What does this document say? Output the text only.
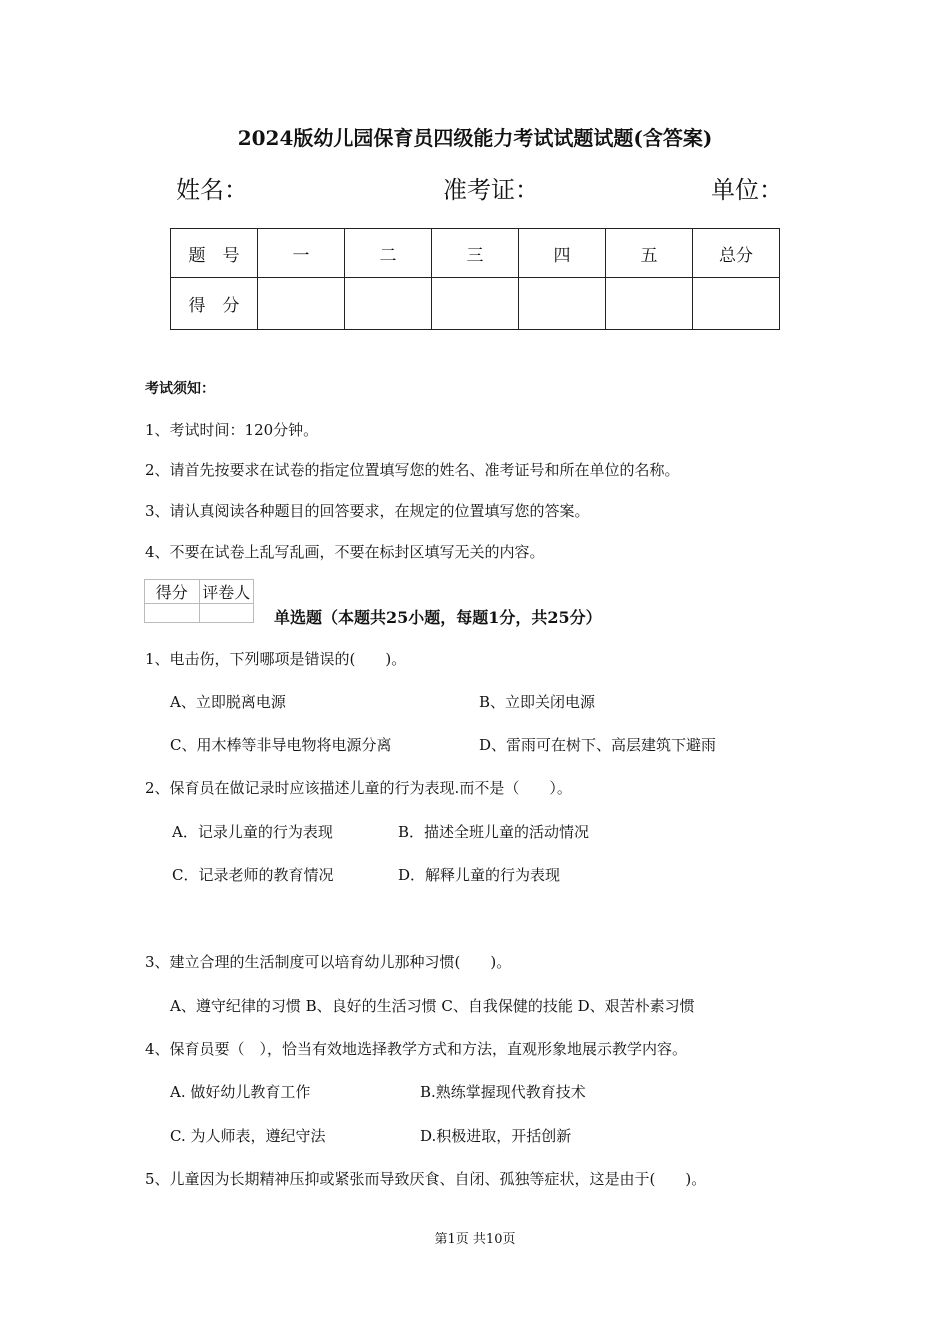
2024版幼儿园保育员四级能力考试试题试题(含答案)
姓名：	准考证：	单位：
题　号	一	二	三	四	五	总分
得　分						
考试须知：
1、考试时间：120分钟。
2、请首先按要求在试卷的指定位置填写您的姓名、准考证号和所在单位的名称。
3、请认真阅读各种题目的回答要求，在规定的位置填写您的答案。
4、不要在试卷上乱写乱画，不要在标封区填写无关的内容。
得分	评卷人

单选题（本题共25小题，每题1分，共25分）
1、电击伤，下列哪项是错误的(　　)。
A、立即脱离电源	B、立即关闭电源
C、用木棒等非导电物将电源分离	D、雷雨可在树下、高层建筑下避雨
2、保育员在做记录时应该描述儿童的行为表现.而不是（　　）。
A．记录儿童的行为表现	B．描述全班儿童的活动情况
C．记录老师的教育情况	D．解释儿童的行为表现
3、建立合理的生活制度可以培育幼儿那种习惯(　　)。
A、遵守纪律的习惯 B、良好的生活习惯 C、自我保健的技能 D、艰苦朴素习惯
4、保育员要（　），恰当有效地选择教学方式和方法，直观形象地展示教学内容。
A. 做好幼儿教育工作	B.熟练掌握现代教育技术
C. 为人师表，遵纪守法	D.积极进取，开括创新
5、儿童因为长期精神压抑或紧张而导致厌食、自闭、孤独等症状，这是由于(　　)。
第1页 共10页
